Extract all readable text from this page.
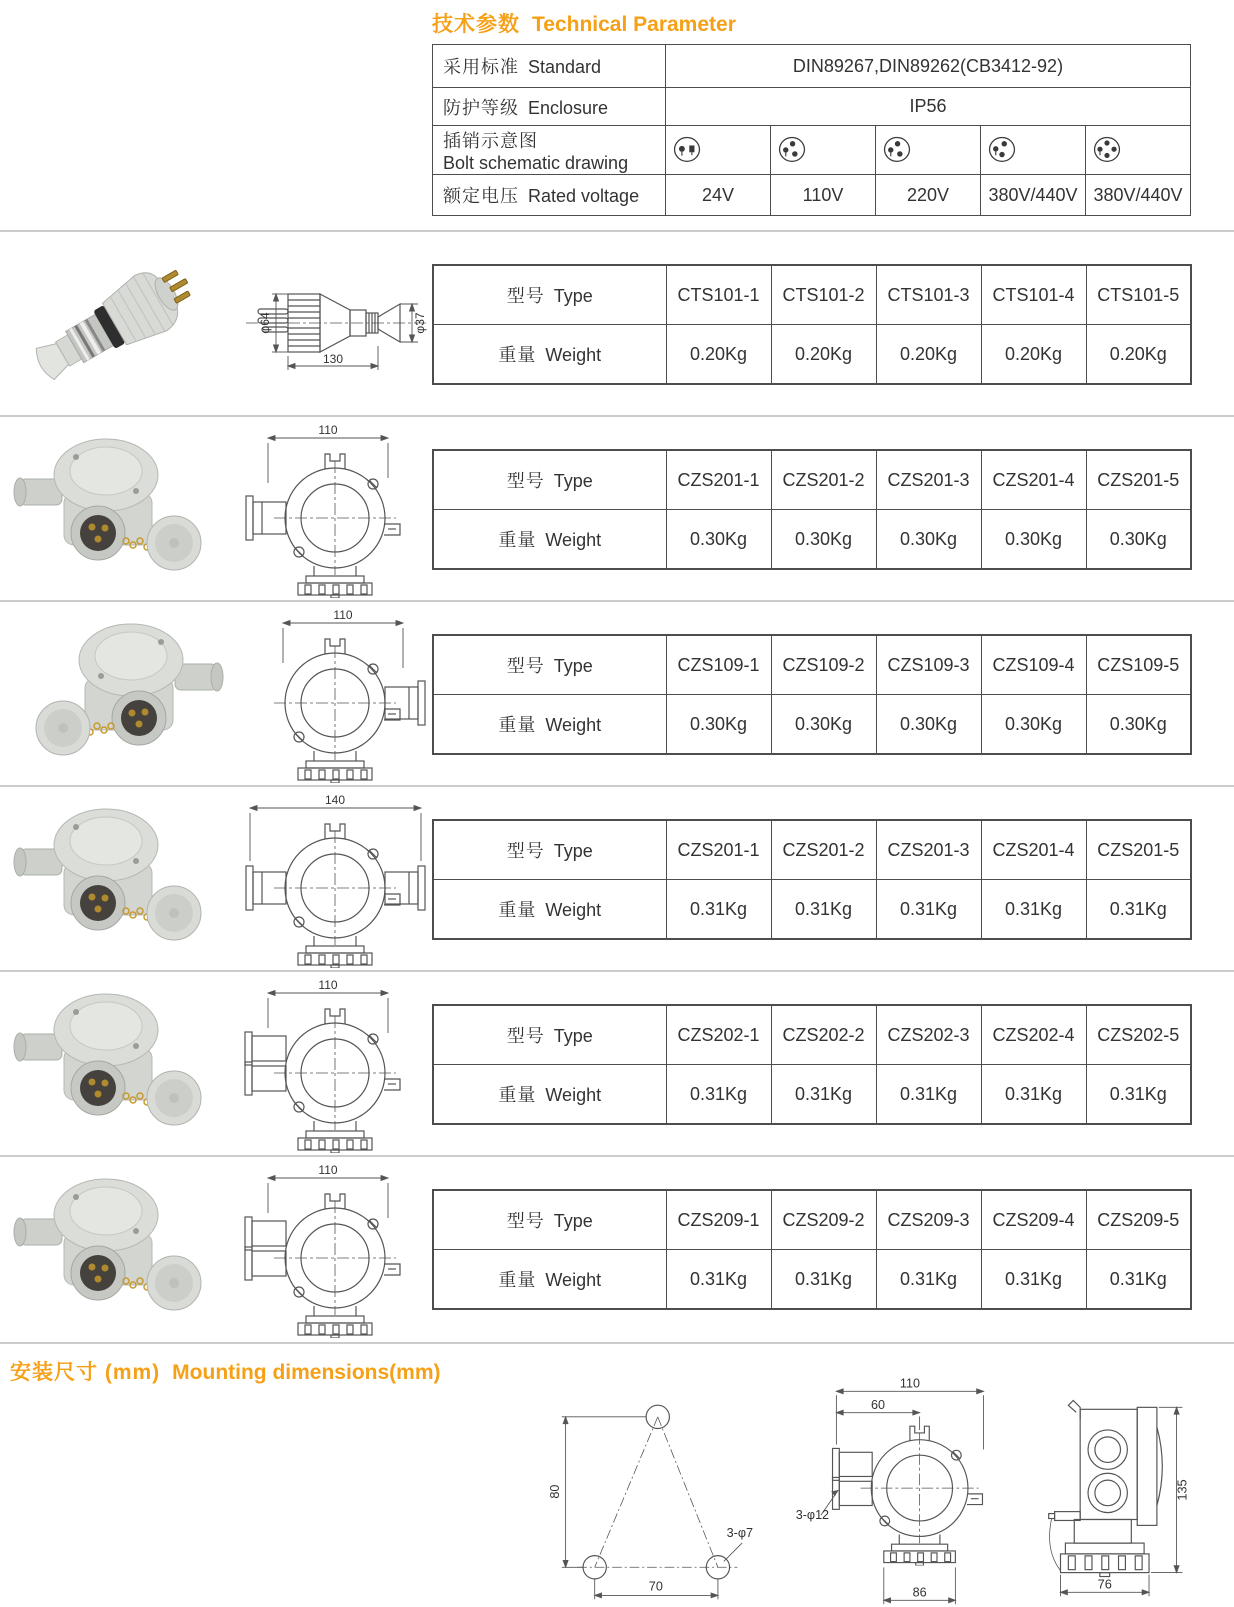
技术参数 Technical Parameter
采用标准 Standard	DIN89267,DIN89262(CB3412-92)				
防护等级 Enclosure	IP56				
插销示意图
Bolt schematic drawing	

额定电压 Rated voltage	24V	110V	220V	380V/440V	380V/440V
φ64	φ37
130
型号 Type	CTS101-1	CTS101-2	CTS101-3	CTS101-4	CTS101-5
重量 Weight	0.20Kg	0.20Kg	0.20Kg	0.20Kg	0.20Kg
110
型号 Type	CZS201-1	CZS201-2	CZS201-3	CZS201-4	CZS201-5
重量 Weight	0.30Kg	0.30Kg	0.30Kg	0.30Kg	0.30Kg
110
型号 Type	CZS109-1	CZS109-2	CZS109-3	CZS109-4	CZS109-5
重量 Weight	0.30Kg	0.30Kg	0.30Kg	0.30Kg	0.30Kg
140
型号 Type	CZS201-1	CZS201-2	CZS201-3	CZS201-4	CZS201-5
重量 Weight	0.31Kg	0.31Kg	0.31Kg	0.31Kg	0.31Kg
110
型号 Type	CZS202-1	CZS202-2	CZS202-3	CZS202-4	CZS202-5
重量 Weight	0.31Kg	0.31Kg	0.31Kg	0.31Kg	0.31Kg
110
型号 Type	CZS209-1	CZS209-2	CZS209-3	CZS209-4	CZS209-5
重量 Weight	0.31Kg	0.31Kg	0.31Kg	0.31Kg	0.31Kg
安装尺寸 (mm) Mounting dimensions(mm)
80
70
3-φ7
110
60
3-φ12
86
135
76
